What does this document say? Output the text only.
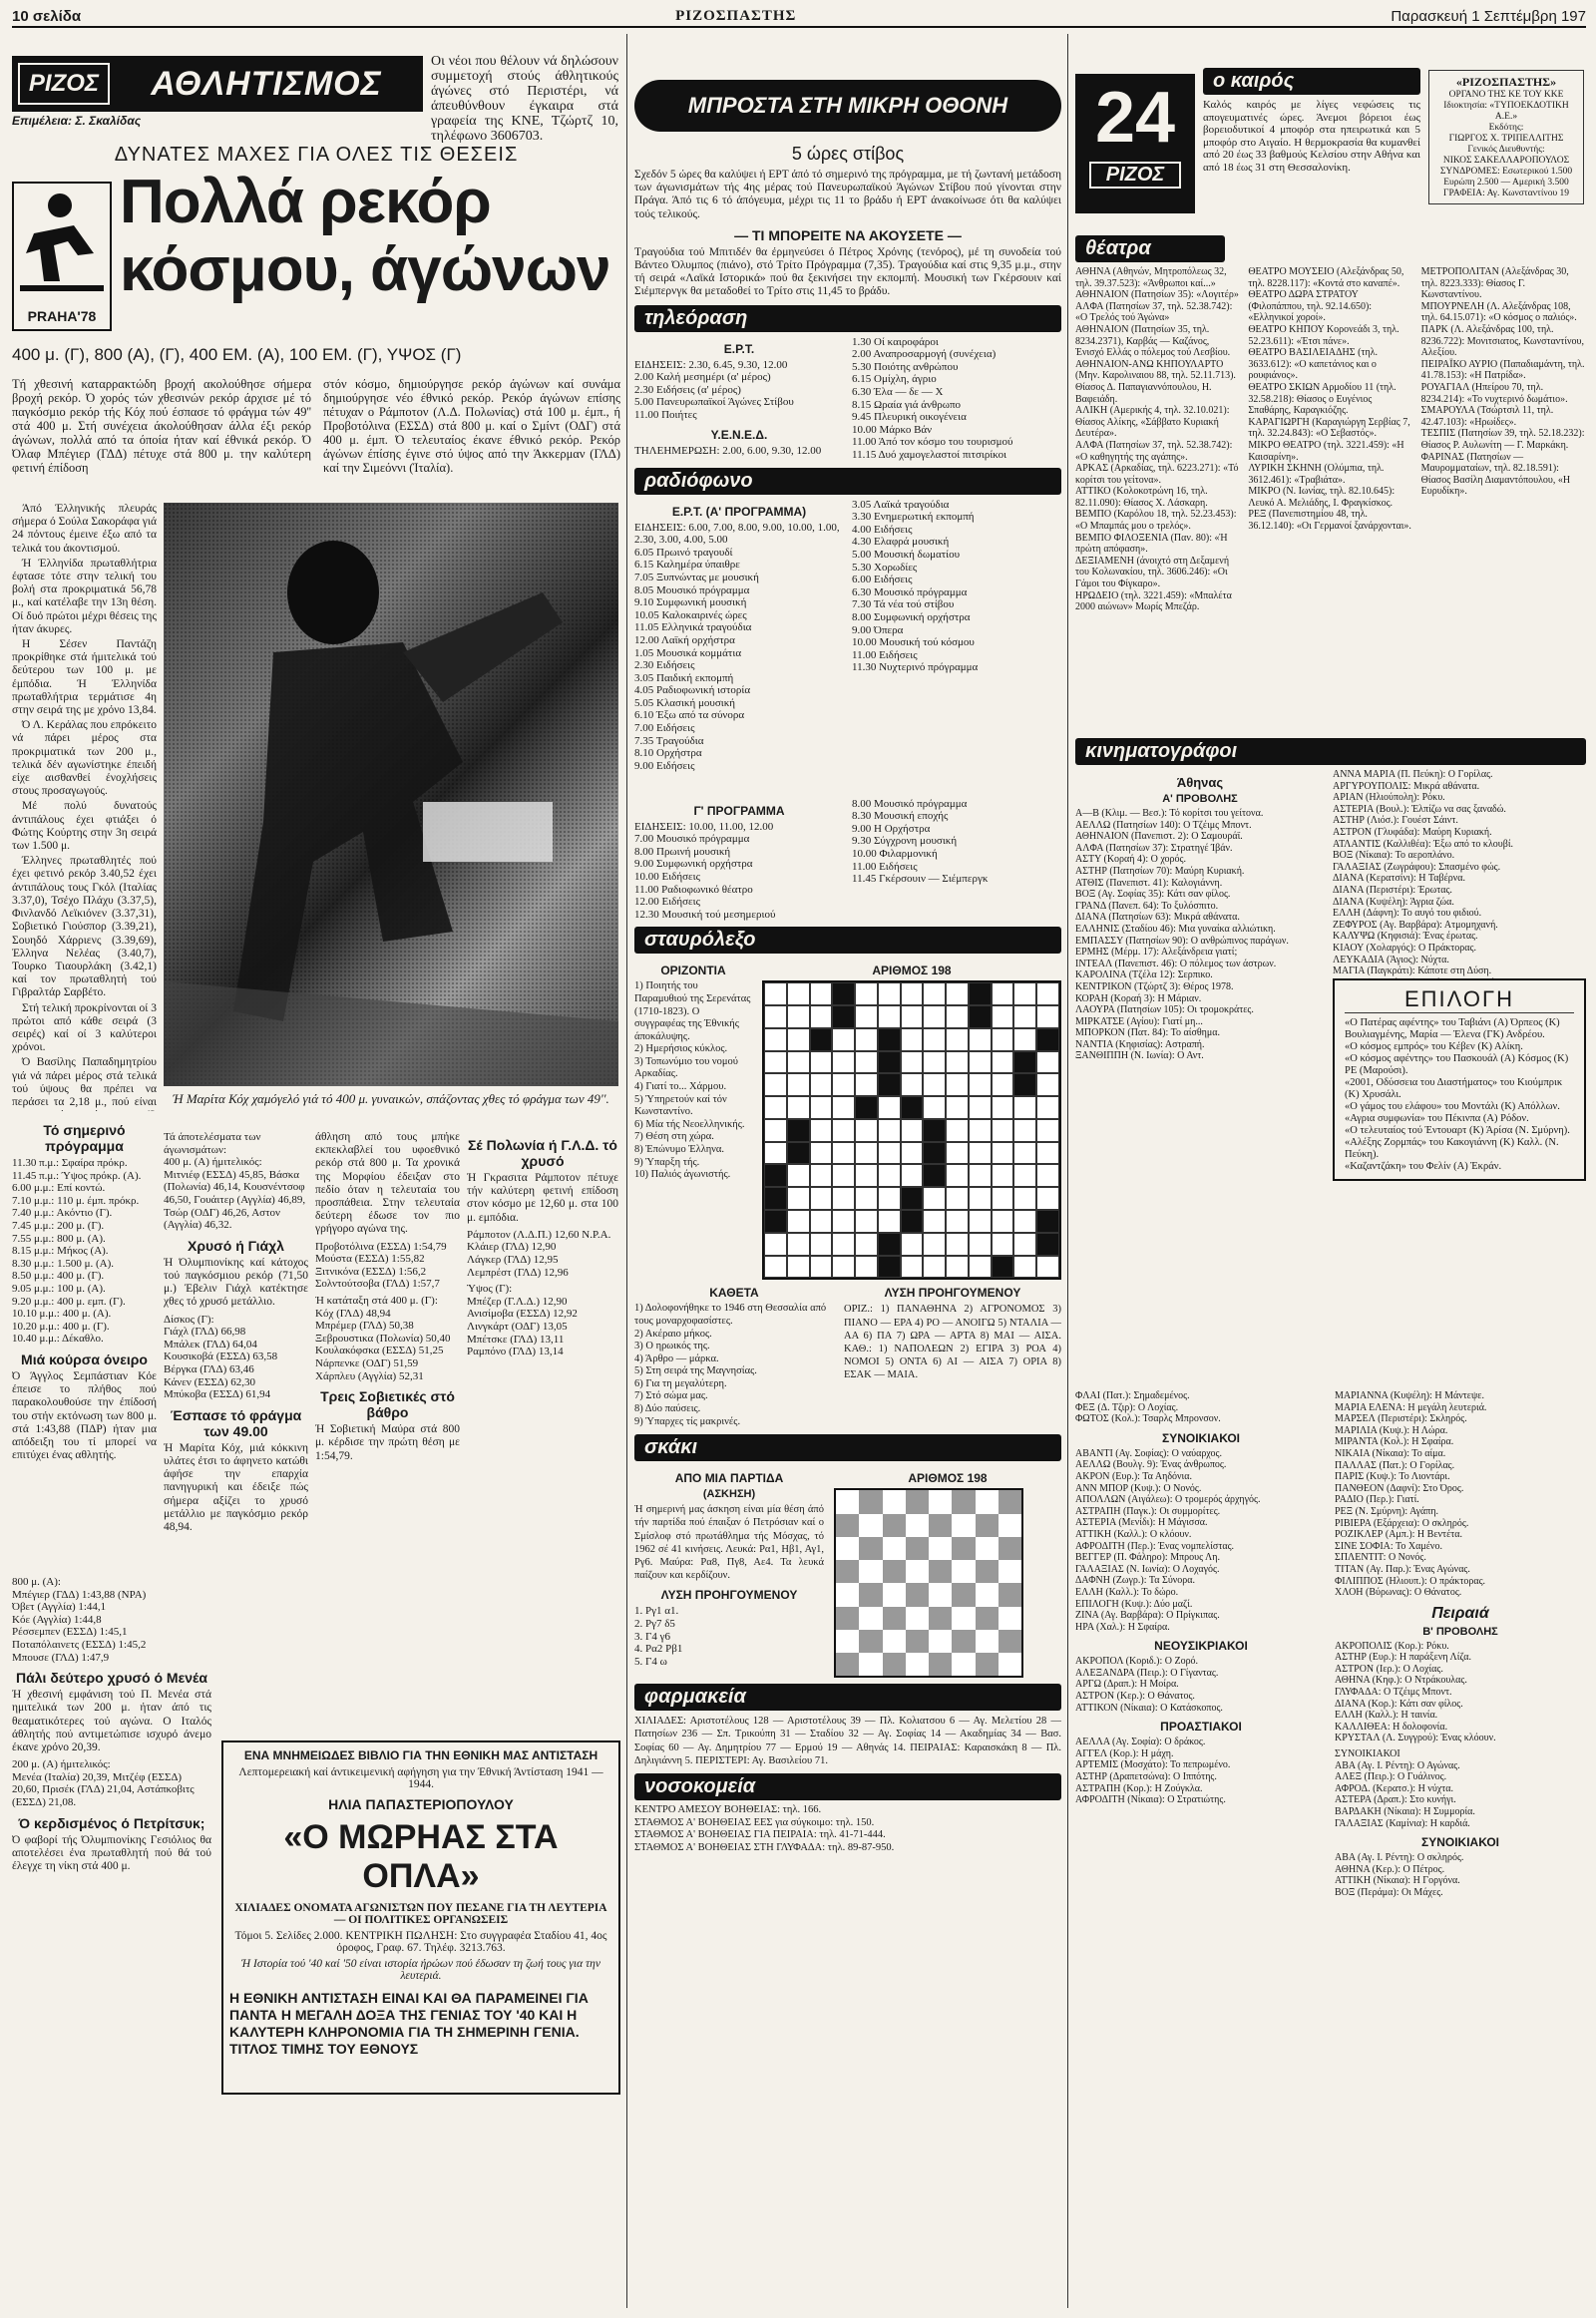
10 σελίδα	ΡΙΖΟΣΠΑΣΤΗΣ	Παρασκευή 1 Σεπτέμβρη 197
ΡΙΖΟΣ	ΑΘΛΗΤΙΣΜΟΣ
Επιμέλεια: Σ. Σκαλίδας
Οι νέοι που θέλουν νά δηλώσουν συμμετοχή στούς άθλητικούς άγώνες στό Περιστέρι, νά άπευθύνθουν έγκαιρα στά γραφεία της ΚΝΕ, Τζώρτζ 10, τηλέφωνο 3606703.
ΔΥΝΑΤΕΣ ΜΑΧΕΣ ΓΙΑ ΟΛΕΣ ΤΙΣ ΘΕΣΕΙΣ
PRAHA'78
Πολλά ρεκόρ
κόσμου, άγώνων
400 μ. (Γ), 800 (Α), (Γ), 400 ΕΜ. (Α), 100 ΕΜ. (Γ), ΥΨΟΣ (Γ)
Τή χθεσινή καταρρακτώδη βροχή ακολούθησε σήμερα βροχή ρεκόρ. Ό χορός τών χθεσινών ρεκόρ άρχισε μέ τό παγκόσμιο ρεκόρ τής Κόχ πού έσπασε τό φράγμα τών 49'' στά 400 μ. Στή συνέχεια άκολούθησαν άλλα έξι ρεκόρ άγώνων, πολλά από τα όποία ήταν καί έθνικά ρεκόρ. Ό Όλαφ Μπέγιερ (ΓΔΔ) πέτυχε στά 800 μ. την καλύτερη φετινή έπίδοση
στόν κόσμο, δημιούργησε ρεκόρ άγώνων καί συνάμα δημιούργησε νέο έθνικό ρεκόρ. Ρεκόρ άγώνων επίσης πέτυχαν ο Ράμποτον (Λ.Δ. Πολωνίας) στά 100 μ. έμπ., ή Προβοτόλινα (ΕΣΣΔ) στά 800 μ. καί ο Σμίντ (ΟΔΓ) στά 400 μ. έμπ. Ό τελευταίος έκανε έθνικό ρεκόρ. Ρεκόρ άγώνων έπίσης έγινε στό ύψος από την Άκκερμαν (ΓΛΔ) καί την Σιμεόννι (Ίταλία).

Άπό Έλληνικής πλευράς σήμερα ό Σούλα Σακοράφα γιά 24 πόντους έμεινε έξω από τα τελικά του άκοντισμού.

Ή Έλληνίδα πρωταθλήτρια έφτασε τότε στην τελική του βολή στα προκριματικά 56,78 μ., καί κατέλαβε την 13η θέση. Οί δυό πρώτοι μέχρι θέσεις της ήταν άκυρες.

Η Σέσεν Παντάζη προκρίθηκε στά ήμιτελικά τού δεύτερου των 100 μ. με έμπόδια. Ή Έλληνίδα πρωταθλήτρια τερμάτισε 4η στην σειρά της με χρόνο 13,84.

Ό Λ. Κεράλας που επρόκειτο νά πάρει μέρος στα προκριματικά των 200 μ., τελικά δέν αγωνίστηκε έπειδή είχε αισθανθεί ένοχλήσεις στους προσαγωγούς.

Μέ πολύ δυνατούς άντιπάλους έχει φτιάξει ό Φώτης Κούρτης στην 3η σειρά των 1.500 μ.

Έλληνες πρωταθλητές πού έχει φετινό ρεκόρ 3.40,52 έχει άντιπάλους τους Γκόλ (Ιταλίας 3.37,0), Τσέχο Πλάχυ (3.37,5), Φινλανδό Λεϊκιόνεν (3.37,31), Σοβιετικό Γιούσπορ (3.39,21), Σουηδό Χάρριενς (3.39,69), Έλληνα Νελέας (3.40,7), Τουρκο Τιαουρλάκη (3.42,1) καί τον πρωταθλητή τού Γιβραλτάρ Σαρβέτο.

Στή τελική προκρίνονται οί 3 πρώτοι από κάθε σειρά (3 σειρές) καί οί 3 καλύτεροι χρόνοι.

Ό Βασίλης Παπαδημητρίου γιά νά πάρει μέρος στά τελικά τού ύψους θα πρέπει να περάσει τα 2,18 μ., πού είναι	Ή Μαρίτα Κόχ χαμόγελό γιά τό 400 μ. γυναικών, σπάζοντας χθες τό φράγμα των 49''.
Τό σημερινό πρόγραμμα
11.30 π.μ.: Σφαίρα πρόκρ.
11.45 π.μ.: Ύψος πρόκρ. (Α).
6.00 μ.μ.: Επί κοντώ.
7.10 μ.μ.: 110 μ. έμπ. πρόκρ.
7.40 μ.μ.: Ακόντιο (Γ).
7.45 μ.μ.: 200 μ. (Γ).
7.55 μ.μ.: 800 μ. (Α).
8.15 μ.μ.: Μήκος (Α).
8.30 μ.μ.: 1.500 μ. (Α).
8.50 μ.μ.: 400 μ. (Γ).
9.05 μ.μ.: 100 μ. (Α).
9.20 μ.μ.: 400 μ. εμπ. (Γ).
10.10 μ.μ.: 400 μ. (Α).
10.20 μ.μ.: 400 μ. (Γ).
10.40 μ.μ.: Δέκαθλο.
Μιά κούρσα όνειρο
Ό Άγγλος Σεμπάστιαν Κόε έπεισε το πλήθος πού παρακολουθούσε την έπίδοσή του στήν εκτόνωση των 800 μ. στά 1:43,88 (ΠΔΡ) ήταν μια απόδειξη του τί μπορεί να επιτύχει ένας αθλητής.
Τά άποτελέσματα των άγωνισμάτων:
400 μ. (Α) ήμιτελικός:
Μιτνιέφ (ΕΣΣΔ) 45,85, Βάσκα (Πολωνία) 46,14, Κουσνέντσοφ 46,50, Γουάιτερ (Αγγλία) 46,89, Τσώρ (ΟΔΓ) 46,26, Αστον (Αγγλία) 46,32.
Χρυσό ή Γιάχλ
Ή Όλυμπιονίκης καί κάτοχος τού παγκόσμιου ρεκόρ (71,50 μ.) Έβελιν Γιάχλ κατέκτησε χθες τό χρυσό μετάλλιο.
Δίσκος (Γ):
Γιάχλ (ΓΛΔ) 66,98
Μπάλεκ (ΓΛΔ) 64,04
Κουσικοβά (ΕΣΣΔ) 63,58
Βέργκα (ΓΛΔ) 63,46
Κάνεν (ΕΣΣΔ) 62,30
Μπύκοβα (ΕΣΣΔ) 61,94
Έσπασε τό φράγμα των 49.00
Ή Μαρίτα Κόχ, μιά κόκκινη υλάτες έτσι το άφηνετο κατώθι άφήσε την επαρχία πανηγυρική και έδειξε πώς σήμερα αξίζει το χρυσό μετάλλιο με παγκόσμιο ρεκόρ 48,94.
άθληση από τους μπήκε εκπεκλαβλεί του υφοεθνικό ρεκόρ στά 800 μ. Τα χρονικά της Μορφίου έδειξαν στο πεδίο όταν η τελευταία του προσπάθεια. Στην τελευταία δεύτερη έδωσε τον πιο γρήγορο αγώνα της.
Προβοτόλινα (ΕΣΣΔ) 1:54,79
Μούστα (ΕΣΣΔ) 1:55,82
Ξιτνικόνα (ΕΣΣΔ) 1:56,2
Σολντούτσοβα (ΓΛΔ) 1:57,7
Ή κατάταξη στά 400 μ. (Γ):
Κόχ (ΓΛΔ) 48,94
Μπρέμερ (ΓΛΔ) 50,38
Ξεβρουστικα (Πολωνία) 50,40
Κουλακόφσκα (ΕΣΣΔ) 51,25
Νάρπενκε (ΟΔΓ) 51,59
Χάρπλευ (Αγγλία) 52,31
Τρεις Σοβιετικές στό βάθρο
Ή Σοβιετική Μαύρα στά 800 μ. κέρδισε την πρώτη θέση με 1:54,79.
Σέ Πολωνία ή Γ.Λ.Δ. τό χρυσό
Ή Γκρασιτα Ράμποτον πέτυχε τήν καλύτερη φετινή επίδοση στον κόσμο με 12,60 μ. στα 100 μ. εμπόδια.
Ράμποτον (Λ.Δ.Π.) 12,60 Ν.Ρ.Α.
Κλάιερ (ΓΛΔ) 12,90
Λάγκερ (ΓΛΔ) 12,95
Λεμπρέστ (ΓΛΔ) 12,96
Ύψος (Γ):
Μπέζερ (Γ.Λ.Δ.) 12,90
Ανισίμοβα (ΕΣΣΔ) 12,92
Λινγκάρτ (ΟΔΓ) 13,05
Μπέτσκε (ΓΛΔ) 13,11
Ραμπόνο (ΓΛΔ) 13,14
800 μ. (Α):
Μπέγιερ (ΓΔΔ) 1:43,88 (ΝΡΑ)
Όβετ (Αγγλία) 1:44,1
Κόε (Αγγλία) 1:44,8
Ρέσσεμπεν (ΕΣΣΔ) 1:45,1
Ποταπόλαινετς (ΕΣΣΔ) 1:45,2
Μπουσε (ΓΛΔ) 1:47,9
Πάλι δεύτερο χρυσό ό Μενέα
Ή χθεσινή εμφάνιση τού Π. Μενέα στά ημιτελικά των 200 μ. ήταν άπό τις θεαματικότερες τού αγώνα. Ο Ιταλός άθλητής πού αντιμετώπισε ισχυρό άνεμο έκανε χρόνο 20,39.
200 μ. (Α) ήμιτελικός:
Μενέα (Ιταλία) 20,39, Μιτζέφ (ΕΣΣΔ) 20,60, Πρισέκ (ΓΛΔ) 21,04, Αστάπκοβιτς (ΕΣΣΔ) 21,08.
Ό κερδισμένος ό Πετρίτσυκ;
Ό φαβορί τής Όλυμπιονίκης Γεσιόλιος θα αποτελέσει ένα πρωταθλητή πού θά τού έλεγχε τη νίκη στά 400 μ.
ΕΝΑ ΜΝΗΜΕΙΩΔΕΣ ΒΙΒΛΙΟ ΓΙΑ ΤΗΝ ΕΘΝΙΚΗ ΜΑΣ ΑΝΤΙΣΤΑΣΗ
Λεπτομερειακή καί άντικειμενική αφήγηση για την Έθνική Άντίσταση 1941 — 1944.
ΗΛΙΑ ΠΑΠΑΣΤΕΡΙΟΠΟΥΛΟΥ
«Ο ΜΩΡΗΑΣ ΣΤΑ ΟΠΛΑ»
ΧΙΛΙΑΔΕΣ ΟΝΟΜΑΤΑ ΑΓΩΝΙΣΤΩΝ ΠΟΥ ΠΕΣΑΝΕ ΓΙΑ ΤΗ ΛΕΥΤΕΡΙΑ — ΟΙ ΠΟΛΙΤΙΚΕΣ ΟΡΓΑΝΩΣΕΙΣ
Τόμοι 5. Σελίδες 2.000. ΚΕΝΤΡΙΚΗ ΠΩΛΗΣΗ: Στο συγγραφέα Σταδίου 41, 4ος όροφος, Γραφ. 67. Τηλέφ. 3213.763.
Ή Ιστορία τού '40 καί '50 είναι ιστορία ήρώων πού έδωσαν τη ζωή τους για την λευτεριά.
Η ΕΘΝΙΚΗ ΑΝΤΙΣΤΑΣΗ ΕΙΝΑΙ ΚΑΙ ΘΑ ΠΑΡΑΜΕΙΝΕΙ ΓΙΑ ΠΑΝΤΑ Η ΜΕΓΑΛΗ ΔΟΞΑ ΤΗΣ ΓΕΝΙΑΣ ΤΟΥ '40 ΚΑΙ Η ΚΑΛΥΤΕΡΗ ΚΛΗΡΟΝΟΜΙΑ ΓΙΑ ΤΗ ΣΗΜΕΡΙΝΗ ΓΕΝΙΑ. ΤΙΤΛΟΣ ΤΙΜΗΣ ΤΟΥ ΕΘΝΟΥΣ
ΜΠΡΟΣΤΑ ΣΤΗ ΜΙΚΡΗ ΟΘΟΝΗ
5 ώρες στίβος
Σχεδόν 5 ώρες θα καλύψει ή ΕΡΤ άπό τό σημερινό της πρόγραμμα, με τή ζωντανή μετάδοση των άγωνισμάτων τής 4ης μέρας τού Πανευρωπαϊκού Άγώνων Στίβου πού γίνονται στην Πράγα. Άπό τις 6 τό άπόγευμα, μέχρι τις 11 το βράδυ ή ΕΡΤ άνακοίνωσε ότι θα καλύψει τούς τελικούς.
— ΤΙ ΜΠΟΡΕΙΤΕ ΝΑ ΑΚΟΥΣΕΤΕ —
Τραγούδια τού Μπιτιδέν θα έρμηνεύσει ό Πέτρος Χρόνης (τενόρος), μέ τη συνοδεία τού Βάντεο Όλυμπος (πιάνο), στό Τρίτο Πρόγραμμα (7,35). Τραγούδια καί στις 9,35 μ.μ., στην τή σειρά «Λαϊκά Ιστορικά» πού θα ξεκινήσει την εκπομπή. Μουσική των Γκέρσουιν καί Σιέμπερνγκ θα μεταδοθεί το Τρίτο στις 11,45 το βράδυ.
τηλεόραση
Ε.Ρ.Τ.
ΕΙΔΗΣΕΙΣ: 2.30, 6.45, 9.30, 12.00
2.00 Καλή μεσημέρι (α' μέρος)
2.30 Ειδήσεις (α' μέρος)
5.00 Πανευρωπαϊκοί Άγώνες Στίβου
11.00 Ποιήτες
Υ.Ε.Ν.Ε.Δ.
ΤΗΛΕΗΜΕΡΩΣΗ: 2.00, 6.00, 9.30, 12.00
1.30 Οί καιροφάροι
2.00 Αναπροσαρμογή (συνέχεια)
5.30 Ποιότης ανθρώπου
6.15 Ομίχλη, άγριο
6.30 Έλα — δε — Χ
8.15 Ωραία γιά άνθρωπο
9.45 Πλευρική οικογένεια
10.00 Μάρκο Βάν
11.00 Άπό τον κόσμο του τουρισμού
11.15 Δυό χαμογελαστοί πιτσιρίκοι
ραδιόφωνο
Ε.Ρ.Τ. (Α' ΠΡΟΓΡΑΜΜΑ)
ΕΙΔΗΣΕΙΣ: 6.00, 7.00, 8.00, 9.00, 10.00, 1.00, 2.30, 3.00, 4.00, 5.00
6.05 Πρωινό τραγουδί
6.15 Καλημέρα ύπαιθρε
7.05 Ξυπνώντας με μουσική
8.05 Μουσικό πρόγραμμα
9.10 Συμφωνική μουσική
10.05 Καλοκαιρινές ώρες
11.05 Ελληνικά τραγούδια
12.00 Λαϊκή ορχήστρα
1.05 Μουσικά κομμάτια
2.30 Ειδήσεις
3.05 Παιδική εκπομπή
4.05 Ραδιοφωνική ιστορία
5.05 Κλασική μουσική
6.10 Έξω από τα σύνορα
7.00 Ειδήσεις
7.35 Τραγούδια
8.10 Ορχήστρα
9.00 Ειδήσεις
3.05 Λαϊκά τραγούδια
3.30 Ενημερωτική εκπομπή
4.00 Ειδήσεις
4.30 Ελαφρά μουσική
5.00 Μουσική δωματίου
5.30 Χορωδίες
6.00 Ειδήσεις
6.30 Μουσικό πρόγραμμα
7.30 Τά νέα τού στίβου
8.00 Συμφωνική ορχήστρα
9.00 Όπερα
10.00 Μουσική τού κόσμου
11.00 Ειδήσεις
11.30 Νυχτερινό πρόγραμμα
Γ' ΠΡΟΓΡΑΜΜΑ
ΕΙΔΗΣΕΙΣ: 10.00, 11.00, 12.00
7.00 Μουσικό πρόγραμμα
8.00 Πρωινή μουσική
9.00 Συμφωνική ορχήστρα
10.00 Ειδήσεις
11.00 Ραδιοφωνικό θέατρο
12.00 Ειδήσεις
12.30 Μουσική τού μεσημεριού
8.00 Μουσικό πρόγραμμα
8.30 Μουσική εποχής
9.00 Η Ορχήστρα
9.30 Σύγχρονη μουσική
10.00 Φιλαρμονική
11.00 Ειδήσεις
11.45 Γκέρσουιν — Σιέμπεργκ
σταυρόλεξο
ΟΡΙΖΟΝΤΙΑ
1) Ποιητής του Παραμυθιού της Σερενάτας (1710-1823). Ο συγγραφέας της Έθνικής άποκάλυψης.
2) Ημερήσιος κύκλος.
3) Τοπωνύμιο του νομού Αρκαδίας.
4) Γιατί το... Χάρμου.
5) Ύπηρετούν καί τόν Κωνσταντίνο.
6) Μία τής Νεοελληνικής.
7) Θέση στη χώρα.
8) Έπώνυμο Έλληνα.
9) Ύπαρξη τής.
10) Παλιός άγωνιστής.
ΑΡΙΘΜΟΣ 198
ΚΑΘΕΤΑ
1) Δολοφονήθηκε το 1946 στη Θεσσαλία από τους μοναρχοφασίστες.
2) Ακέραιο μήκος.
3) Ο ηρωικός της.
4) Άρθρο — μάρκα.
5) Στη σειρά της Μαγνησίας.
6) Για τη μεγαλύτερη.
7) Στό σώμα μας.
8) Δύο παύσεις.
9) Ύπαρχες τίς μακρινές.
ΛΥΣΗ ΠΡΟΗΓΟΥΜΕΝΟΥ
ΟΡΙΖ.: 1) ΠΑΝΑΘΗΝΑ 2) ΑΓΡΟΝΟΜΟΣ 3) ΠΙΑΝΟ — ΕΡΑ 4) ΡΟ — ΑΝΟΙΓΩ 5) ΝΤΑΛΙΑ — ΑΑ 6) ΠΑ 7) ΩΡΑ — ΑΡΤΑ 8) ΜΑΙ — ΑΙΣΑ. ΚΑΘ.: 1) ΝΑΠΟΛΕΩΝ 2) ΕΓΙΡΑ 3) ΡΟΑ 4) ΝΟΜΟΙ 5) ΟΝΤΑ 6) ΑΙ — ΑΙΣΑ 7) ΟΡΙΑ 8) ΕΣΑΚ — ΜΑΙΑ.
σκάκι
ΑΠΟ ΜΙΑ ΠΑΡΤΙΔΑ
(ΑΣΚΗΣΗ)
Ή σημερινή μας άσκηση είναι μία θέση άπό τήν παρτίδα πού έπαιξαν ό Πετρόσιαν καί ο Σμίσλοφ στό πρωτάθλημα τής Μόσχας, τό 1962 σέ 41 κινήσεις. Λευκά: Ρα1, Ηβ1, Αγ1, Ργ6. Μαύρα: Ρα8, Πγ8, Αε4. Τα λευκά παίζουν και κερδίζουν.
ΛΥΣΗ ΠΡΟΗΓΟΥΜΕΝΟΥ
1. Ργ1 α1.
2. Ργ7 δ5
3. Γ4 γ6
4. Ρα2 Ρβ1
5. Γ4 ω
ΑΡΙΘΜΟΣ 198
φαρμακεία
ΧΙΛΙΑΔΕΣ: Αριστοτέλους 128 — Αριστοτέλους 39 — Πλ. Κολιατσου 6 — Αγ. Μελετίου 28 — Πατησίων 236 — Σπ. Τρικούπη 31 — Σταδίου 32 — Αγ. Σοφίας 14 — Ακαδημίας 34 — Βασ. Σοφίας 60 — Αγ. Δημητρίου 77 — Ερμού 19 — Αθηνάς 14. ΠΕΙΡΑΙΑΣ: Καραισκάκη 8 — Πλ. Δηλιγιάννη 5. ΠΕΡΙΣΤΕΡΙ: Αγ. Βασιλείου 71.
νοσοκομεία
ΚΕΝΤΡΟ ΑΜΕΣΟΥ ΒΟΗΘΕΙΑΣ: τηλ. 166.
ΣΤΑΘΜΟΣ Α' ΒΟΗΘΕΙΑΣ ΕΕΣ για σύγκοιμο: τηλ. 150.
ΣΤΑΘΜΟΣ Α' ΒΟΗΘΕΙΑΣ ΓΙΑ ΠΕΙΡΑΙΑ: τηλ. 41-71-444.
ΣΤΑΘΜΟΣ Α' ΒΟΗΘΕΙΑΣ ΣΤΗ ΓΛΥΦΑΔΑ: τηλ. 89-87-950.
24
ΡΙΖΟΣ
ο καιρός
Καλός καιρός με λίγες νεφώσεις τις απογευματινές ώρες. Άνεμοι βόρειοι έως βορειοδυτικοί 4 μποφόρ στα ηπειρωτικά και 5 μποφόρ στο Αιγαίο. Η θερμοκρασία θα κυμανθεί από 20 έως 33 βαθμούς Κελσίου στην Αθήνα και από 18 έως 31 στη Θεσσαλονίκη.
«ΡΙΖΟΣΠΑΣΤΗΣ»
ΟΡΓΑΝΟ ΤΗΣ ΚΕ ΤΟΥ ΚΚΕ
Ιδιοκτησία: «ΤΥΠΟΕΚΔΟΤΙΚΗ Α.Ε.»
Εκδότης:
ΓΙΩΡΓΟΣ Χ. ΤΡΙΠΕΛΛΙΤΗΣ
Γενικός Διευθυντής:
ΝΙΚΟΣ ΣΑΚΕΛΛΑΡΟΠΟΥΛΟΣ
ΣΥΝΔΡΟΜΕΣ: Εσωτερικού 1.500
Ευρώπη 2.500 — Αμερική 3.500
ΓΡΑΦΕΙΑ: Αγ. Κωνσταντίνου 19
θέατρα
ΑΘΗΝΑ (Αθηνών, Μητροπόλεως 32, τηλ. 39.37.523): «Άνθρωποι καί...»
ΑΘΗΝΑΙΟΝ (Πατησίων 35): «Λογιτέρ»
ΑΛΦΑ (Πατησίων 37, τηλ. 52.38.742): «Ο Τρελός τού Άγώνα»
ΑΘΗΝΑΙΟΝ (Πατησίων 35, τηλ. 8234.2371), Καρβάς — Καζάνος, Ένισχό Ελλάς ο πόλεμος τού Λεσβίου.
ΑΘΗΝΑΙΟΝ-ΑΝΩ ΚΗΠΟΥΛΑΡΤΟ (Μην. Καρολιναιου 88, τηλ. 52.11.713). Θίασος Δ. Παπαγιαννόπουλου, Η. Βαφειάδη.
ΑΛΙΚΗ (Αμερικής 4, τηλ. 32.10.021): Θίασος Αλίκης, «Σάββατο Κυριακή Δευτέρα».
ΑΛΦΑ (Πατησίων 37, τηλ. 52.38.742): «Ο καθηγητής της αγάπης».
ΑΡΚΑΣ (Αρκαδίας, τηλ. 6223.271): «Τό κορίτσι του γείτονα».
ΑΤΤΙΚΟ (Κολοκοτρώνη 16, τηλ. 82.11.090): Θίασος Χ. Λάσκαρη.
ΒΕΜΠΟ (Καρόλου 18, τηλ. 52.23.453): «Ο Μπαμπάς μου ο τρελός».
ΒΕΜΠΟ ΦΙΛΟΞΕΝΙΑ (Παν. 80): «Ή πρώτη απόφαση».
ΔΕΞΙΑΜΕΝΗ (άνοιχτό στη Δεξαμενή του Κολωνακίου, τηλ. 3606.246): «Οι Γάμοι του Φίγκαρο».
ΗΡΩΔΕΙΟ (τηλ. 3221.459): «Μπαλέτα 2000 αιώνων» Μωρίς Μπεζάρ.
ΘΕΑΤΡΟ ΜΟΥΣΕΙΟ (Αλεξάνδρας 50, τηλ. 8228.117): «Κοντά στο καναπέ».
ΘΕΑΤΡΟ ΔΩΡΑ ΣΤΡΑΤΟΥ (Φιλοπάππου, τηλ. 92.14.650): «Ελληνικοί χοροί».
ΘΕΑΤΡΟ ΚΗΠΟΥ Κορονεάδι 3, τηλ. 52.23.611): «Έτσι πάνε».
ΘΕΑΤΡΟ ΒΑΣΙΛΕΙΑΔΗΣ (τηλ. 3633.612): «Ο καπετάνιος και ο ρουφιάνος».
ΘΕΑΤΡΟ ΣΚΙΩΝ Αρμοδίου 11 (τηλ. 32.58.218): Θίασος ο Ευγένιος Σπαθάρης, Καραγκιόζης.
ΚΑΡΑΓΙΩΡΓΗ (Καραγιώργη Σερβίας 7, τηλ. 32.24.843): «Ο Σεβαστός».
ΜΙΚΡΟ ΘΕΑΤΡΟ (τηλ. 3221.459): «Η Καισαρίνη».
ΛΥΡΙΚΗ ΣΚΗΝΗ (Ολύμπια, τηλ. 3612.461): «Τραβιάτα».
ΜΙΚΡΟ (Ν. Ιωνίας, τηλ. 82.10.645): Λευκό Α. Μελιάδης, Ι. Φραγκίσκος.
ΡΕΞ (Πανεπιστημίου 48, τηλ. 36.12.140): «Οι Γερμανοί ξανάρχονται».
ΜΕΤΡΟΠΟΛΙΤΑΝ (Αλεξάνδρας 30, τηλ. 8223.333): Θίασος Γ. Κωνσταντίνου.
ΜΠΟΥΡΝΕΛΗ (Λ. Αλεξάνδρας 108, τηλ. 64.15.071): «Ο κόσμος ο παλιός».
ΠΑΡΚ (Λ. Αλεξάνδρας 100, τηλ. 8236.722): Μονιτσιατος, Κωνσταντίνου, Αλεξίου.
ΠΕΙΡΑΪΚΟ ΑΥΡΙΟ (Παπαδιαμάντη, τηλ. 41.78.153): «Η Πατρίδα».
ΡΟΥΑΓΙΑΛ (Ηπείρου 70, τηλ. 8234.214): «Το νυχτερινό δωμάτιο».
ΣΜΑΡΟΥΛΑ (Τσώρτσιλ 11, τηλ. 42.47.103): «Ηρωίδες».
ΤΕΣΠΙΣ (Πατησίων 39, τηλ. 52.18.232): Θίασος Ρ. Αυλωνίτη — Γ. Μαρκάκη.
ΦΑΡΙΝΑΣ (Πατησίων — Μαυρομματαίων, τηλ. 82.18.591): Θίασος Βασίλη Διαμαντόπουλου, «Η Ευρυδίκη».
κινηματογράφοι
Άθηνας
Α' ΠΡΟΒΟΛΗΣ
Α—Β (Κλιμ. — Βεσ.): Τό κορίτσι του γείτονα.
ΑΕΛΛΩ (Πατησίων 140): Ο Τζέιμς Μποντ.
ΑΘΗΝΑΙΟΝ (Πανεπιστ. 2): Ο Σαμουράϊ.
ΑΛΦΑ (Πατησίων 37): Στρατηγέ Ίβάν.
ΑΣΤΥ (Κοραή 4): Ο χορός.
ΑΣΤΗΡ (Πατησίων 70): Μαύρη Κυριακή.
ΑΤΘΙΣ (Πανεπιστ. 41): Καλογιάννη.
ΒΟΞ (Αγ. Σοφίας 35): Κάτι σαν φίλος.
ΓΡΑΝΔ (Πανεπ. 64): Το ξυλόσπιτο.
ΔΙΑΝΑ (Πατησίων 63): Μικρά αθάνατα.
ΕΛΛΗΝΙΣ (Σταδίου 46): Μια γυναίκα αλλιώτικη.
ΕΜΠΑΣΣΥ (Πατησίων 90): Ο ανθρώπινος παράγων.
ΕΡΜΗΣ (Μέρμ. 17): Αλεξάνδρεια γιατί;
ΙΝΤΕΑΛ (Πανεπιστ. 46): Ο πόλεμος των άστρων.
ΚΑΡΟΛΙΝΑ (Τζέλα 12): Σερπικο.
ΚΕΝΤΡΙΚΟΝ (Τζώρτζ 3): Θέρος 1978.
ΚΟΡΑΗ (Κοραή 3): Η Μάριαν.
ΛΑΟΥΡΑ (Πατησίων 105): Οι τρομοκράτες.
ΜΙΡΚΑΤΣΕ (Αγίου): Γιατί μη...
ΜΠΟΡΚΟΝ (Πατ. 84): Το αίσθημα.
ΝΑΝΤΙΑ (Κηφισίας): Αστραπή.
ΞΑΝΘΙΠΠΗ (Ν. Ιωνία): Ο Αντ.
ΑΝΝΑ ΜΑΡΙΑ (Π. Πεύκη): Ο Γορίλας.
ΑΡΓΥΡΟΥΠΟΛΙΣ: Μικρά αθάνατα.
ΑΡΙΑΝ (Ηλιούπολη): Ρόκυ.
ΑΣΤΕΡΙΑ (Βουλ.): Έλπίζω να σας ξαναδώ.
ΑΣΤΗΡ (Λιόσ.): Γουέστ Σάιντ.
ΑΣΤΡΟΝ (Γλυφάδα): Μαύρη Κυριακή.
ΑΤΛΑΝΤΙΣ (Καλλιθέα): Έξω από το κλουβί.
ΒΟΞ (Νίκαια): Το αεροπλάνο.
ΓΑΛΑΞΙΑΣ (Ζωγράφου): Σπασμένο φώς.
ΔΙΑΝΑ (Κερατσίνι): Η Ταβέρνα.
ΔΙΑΝΑ (Περιστέρι): Έρωτας.
ΔΙΑΝΑ (Κυψέλη): Άγρια ζώα.
ΕΛΛΗ (Δάφνη): Το αυγό του φιδιού.
ΖΕΦΥΡΟΣ (Αγ. Βαρβάρα): Ατμομηχανή.
ΚΑΛΥΨΩ (Κηφισιά): Ένας έρωτας.
ΚΙΑΟΥ (Χολαργός): Ο Πράκτορας.
ΛΕΥΚΑΔΙΑ (Άγιος): Νύχτα.
ΜΑΓΙΑ (Παγκράτι): Κάποτε στη Δύση.

ΕΠΙΛΟΓΗ
«Ο Πατέρας αφέντης» του Ταβιάνι (Α) Όρπεος (Κ) Βουλιαγμένης, Μαρία — Έλενα (ΓΚ) Ανδρέου.
«Ο κόσμος εμπρός» του Κέβεν (Κ) Αλίκη.
«Ο κόσμος αφέντης» του Πασκουάλ (Α) Κόσμος (Κ) ΡΕ (Μαρούσι).
«2001, Οδύσσεια του Διαστήματος» του Κιούμπρικ (Κ) Χρυσάλι.
«Ο γάμος του ελάφου» του Μοντάλι (Κ) Απόλλων.
«Αγρια συμφωνία» του Πέκινπα (Α) Ρόδον.
«Ο τελευταίος τού Έντουαρτ (Κ) Άρίσα (Ν. Σμύρνη).
«Αλέξης Ζορμπάς» του Κακογιάννη (Κ) Καλλ. (Ν. Πεύκη).
«Καζαντζάκη» του Φελίν (Α) Έκράν.
ΦΛΑΙ (Πατ.): Σημαδεμένος.
ΦΕΞ (Δ. Τζιρ): Ο Λοχίας.
ΦΩΤΟΣ (Κολ.): Τσαρλς Μπρονσον.
ΜΑΡΙΑΝΝΑ (Κυψέλη): Η Μάντεψε.
ΜΑΡΙΑ ΕΛΕΝΑ: Η μεγάλη λευτεριά.
ΜΑΡΣΕΛ (Περιστέρι): Σκληρός.
ΣΥΝΟΙΚΙΑΚΟΙ
ΑΒΑΝΤΙ (Αγ. Σοφίας): Ο ναύαρχος.
ΑΕΛΛΩ (Βουλγ. 9): Ένας άνθρωπος.
ΑΚΡΟΝ (Ευρ.): Τα Αηδόνια.
ΑΝΝ ΜΠΟΡ (Κυψ.): Ο Νονός.
ΑΠΟΛΛΩΝ (Αιγάλεω): Ο τρομερός άρχηγός.
ΑΣΤΡΑΠΗ (Παγκ.): Οι συμμορίτες.
ΑΣΤΕΡΙΑ (Μενίδι): Η Μάγισσα.
ΑΤΤΙΚΗ (Καλλ.): Ο κλόουν.
ΑΦΡΟΔΙΤΗ (Περ.): Ένας νομπελίστας.
ΒΕΓΓΕΡ (Π. Φάληρο): Μπρους Λη.
ΓΑΛΑΞΙΑΣ (Ν. Ιωνία): Ο Λοχαγός.
ΔΑΦΝΗ (Ζωγρ.): Τα Σύνορα.
ΕΛΛΗ (Καλλ.): Το δώρο.
ΕΠΙΛΟΓΗ (Κυψ.): Δύο μαζί.
ΖΙΝΑ (Αγ. Βαρβάρα): Ο Πρίγκιπας.
ΗΡΑ (Χαλ.): Η Σφαίρα.
ΝΕΟΥΣΙΚΡΙΑΚΟΙ
ΑΚΡΟΠΟΛ (Κοριδ.): Ο Ζορό.
ΑΛΕΞΑΝΔΡΑ (Πειρ.): Ο Γίγαντας.
ΑΡΓΩ (Δραπ.): Η Μοίρα.
ΑΣΤΡΟΝ (Κερ.): Ο Θάνατος.
ΑΤΤΙΚΟΝ (Νίκαια): Ο Κατάσκοπος.
ΠΡΟΑΣΤΙΑΚΟΙ
ΑΕΛΛΑ (Αγ. Σοφία): Ο δράκος.
ΑΓΓΕΛ (Κορ.): Η μάχη.
ΑΡΤΕΜΙΣ (Μοσχάτο): Το πεπρωμένο.
ΑΣΤΗΡ (Δραπετσώνα): Ο Ιππότης.
ΑΣΤΡΑΠΗ (Κορ.): Η Ζούγκλα.
ΑΦΡΟΔΙΤΗ (Νίκαια): Ο Στρατιώτης.
ΜΑΡΙΛΙΑ (Κυψ.): Η Λώρα.
ΜΙΡΑΝΤΑ (Κολ.): Η Σφαίρα.
ΝΙΚΑΙΑ (Νίκαια): Το αίμα.
ΠΑΛΛΑΣ (Πατ.): Ο Γορίλας.
ΠΑΡΙΣ (Κυψ.): Το Λιοντάρι.
ΠΑΝΘΕΟΝ (Δαφνί): Στο Όρος.
ΡΑΔΙΟ (Περ.): Γιατί.
ΡΕΞ (Ν. Σμύρνη): Αγάπη.
ΡΙΒΙΕΡΑ (Εξάρχεια): Ο σκληρός.
ΡΟΖΙΚΛΕΡ (Αμπ.): Η Βεντέτα.
ΣΙΝΕ ΣΟΦΙΑ: Το Χαμένο.
ΣΠΛΕΝΤΙΤ: Ο Νονός.
ΤΙΤΑΝ (Αγ. Παρ.): Ένας Αγώνας.
ΦΙΛΙΠΠΟΣ (Ηλιουπ.): Ο πράκτορας.
ΧΛΟΗ (Βύρωνας): Ο Θάνατος.
Πειραιά
Β' ΠΡΟΒΟΛΗΣ
ΑΚΡΟΠΟΛΙΣ (Κορ.): Ρόκυ.
ΑΣΤΗΡ (Ευρ.): Η παράξενη Λίζα.
ΑΣΤΡΟΝ (Ιερ.): Ο Λοχίας.
ΑΘΗΝΑ (Κηφ.): Ο Ντράκουλας.
ΓΛΥΦΑΔΑ: Ο Τζέιμς Μποντ.
ΔΙΑΝΑ (Κορ.): Κάτι σαν φίλος.
ΕΛΛΗ (Καλλ.): Η ταινία.
ΚΑΛΛΙΘΕΑ: Η δολοφονία.
ΚΡΥΣΤΑΛ (Λ. Συγγρού): Ένας κλόουν.
ΣΥΝΟΙΚΙΑΚΟΙ
ΑΒΑ (Αγ. Ι. Ρέντη): Ο Αγώνας.
ΑΛΕΞ (Πειρ.): Ο Γυάλινος.
ΑΦΡΟΔ. (Κερατσ.): Η νύχτα.
ΑΣΤΕΡΑ (Δραπ.): Στο κυνήγι.
ΒΑΡΔΑΚΗ (Νίκαια): Η Συμμορία.
ΓΑΛΑΞΙΑΣ (Καμίνια): Η καρδιά.
ΣΥΝΟΙΚΙΑΚΟΙ
ΑΒΑ (Αγ. Ι. Ρέντη): Ο σκληρός.
ΑΘΗΝΑ (Κερ.): Ο Πέτρος.
ΑΤΤΙΚΗ (Νίκαια): Η Γοργόνα.
ΒΟΞ (Περάμα): Οι Μάχες.
